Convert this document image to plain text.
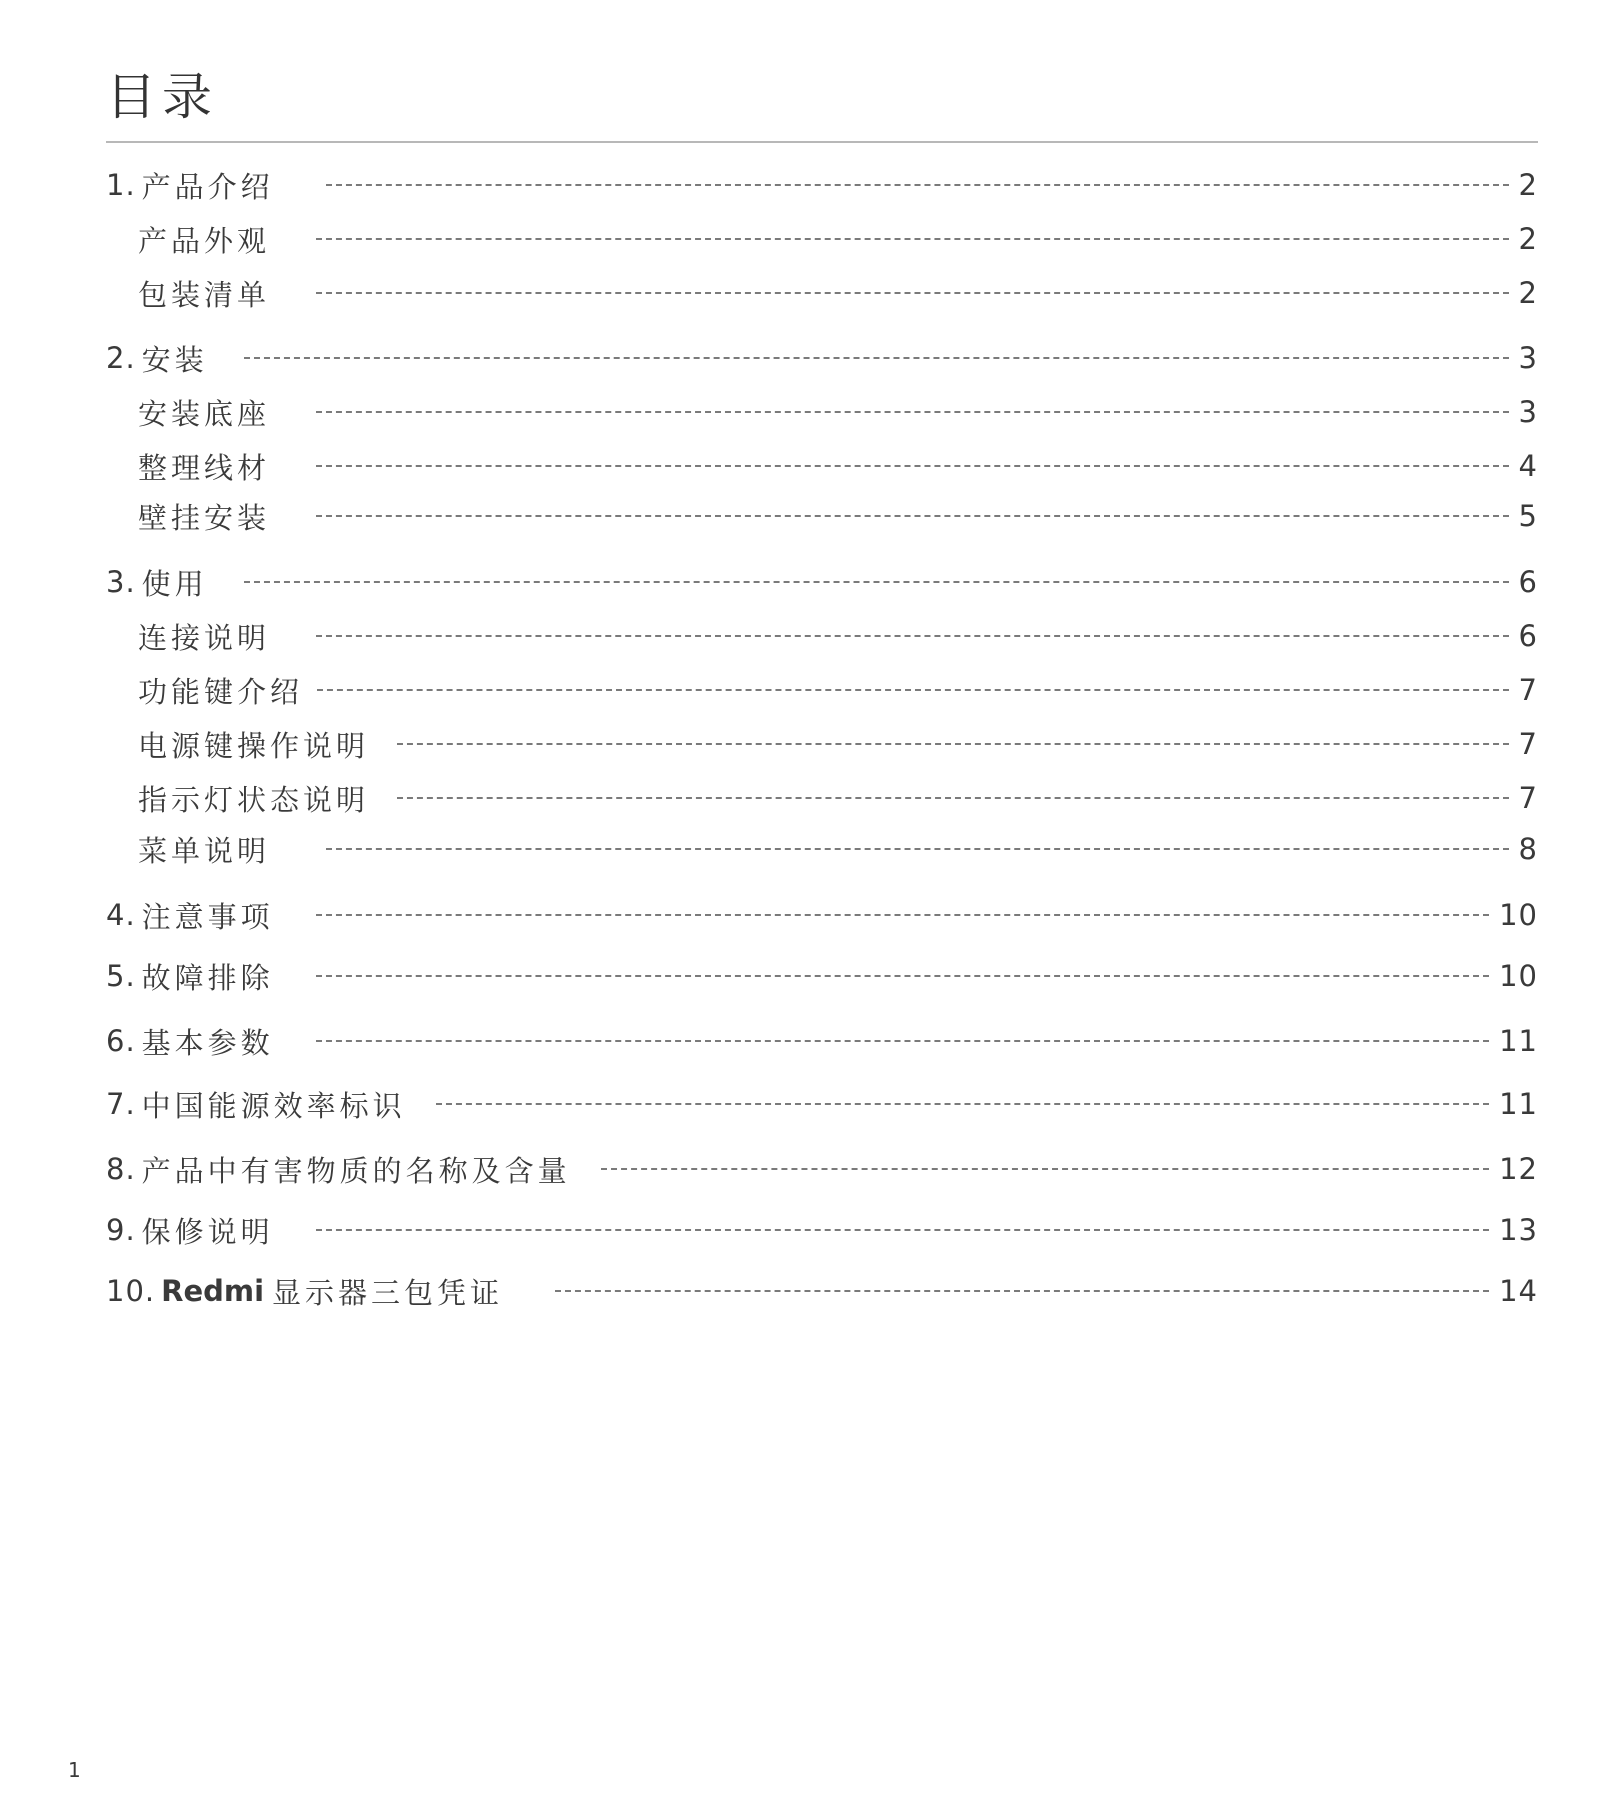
目录
1. 产品介绍	2
产品外观	2
包装清单	2
2. 安装	3
安装底座	3
整理线材	4
壁挂安装	5
3. 使用	6
连接说明	6
功能键介绍	7
电源键操作说明	7
指示灯状态说明	7
菜单说明	8
4. 注意事项	10
5. 故障排除	10
6. 基本参数	11
7. 中国能源效率标识	11
8. 产品中有害物质的名称及含量	12
9. 保修说明	13
10. Redmi 显示器三包凭证	14
1
